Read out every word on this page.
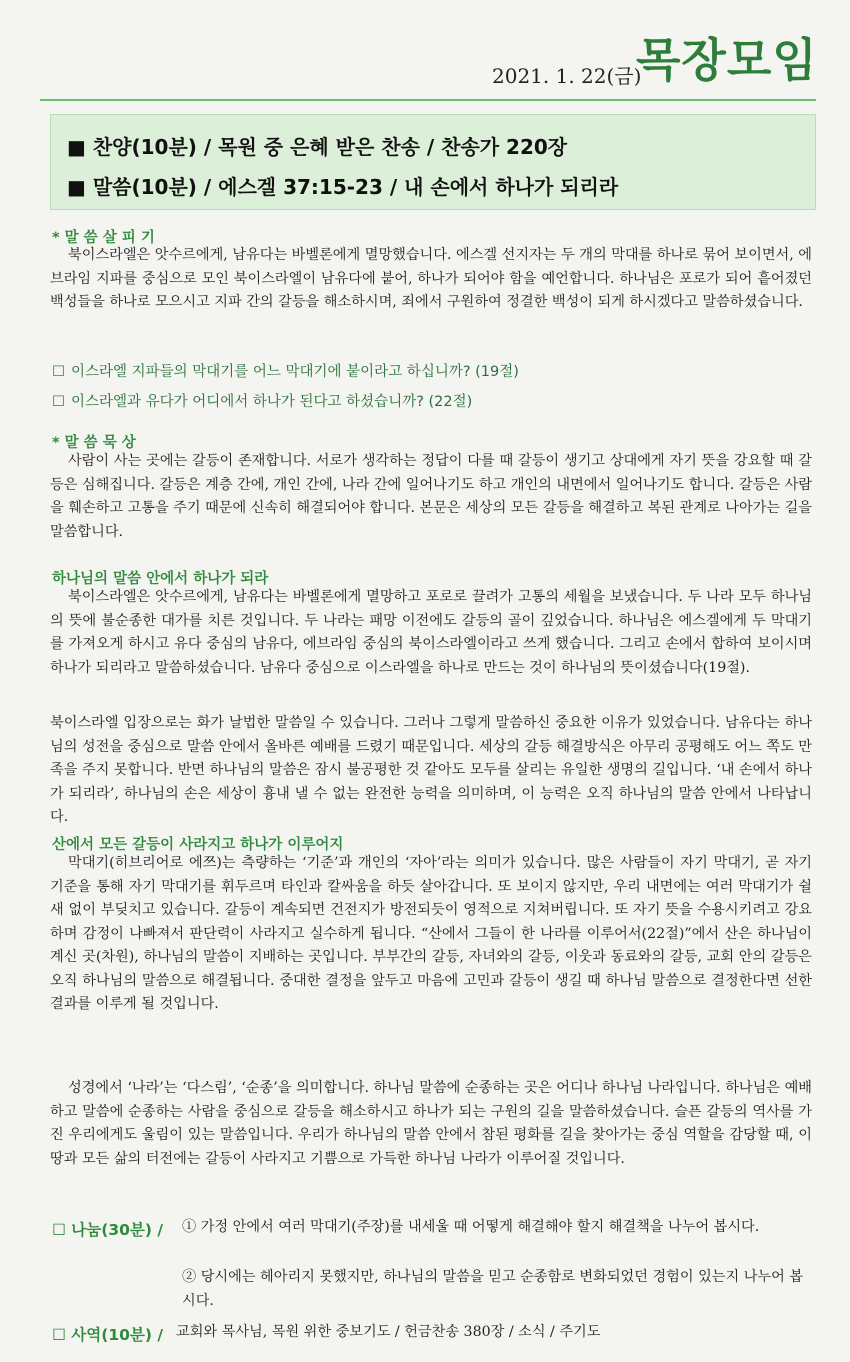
2021. 1. 22(금)
목장모임
■ 찬양(10분) / 목원 중 은혜 받은 찬송 / 찬송가 220장
■ 말씀(10분) / 에스겔 37:15-23 / 내 손에서 하나가 되리라
* 말 씀 살 피 기
북이스라엘은 앗수르에게, 남유다는 바벨론에게 멸망했습니다. 에스겔 선지자는 두 개의 막대를 하나로 묶어 보이면서, 에브라임 지파를 중심으로 모인 북이스라엘이 남유다에 붙어, 하나가 되어야 함을 예언합니다. 하나님은 포로가 되어 흩어졌던 백성들을 하나로 모으시고 지파 간의 갈등을 해소하시며, 죄에서 구원하여 정결한 백성이 되게 하시겠다고 말씀하셨습니다.
☐ 이스라엘 지파들의 막대기를 어느 막대기에 붙이라고 하십니까? (19절)
☐ 이스라엘과 유다가 어디에서 하나가 된다고 하셨습니까? (22절)
* 말 씀 묵 상
사람이 사는 곳에는 갈등이 존재합니다. 서로가 생각하는 정답이 다를 때 갈등이 생기고 상대에게 자기 뜻을 강요할 때 갈등은 심해집니다. 갈등은 계층 간에, 개인 간에, 나라 간에 일어나기도 하고 개인의 내면에서 일어나기도 합니다. 갈등은 사람을 훼손하고 고통을 주기 때문에 신속히 해결되어야 합니다. 본문은 세상의 모든 갈등을 해결하고 복된 관계로 나아가는 길을 말씀합니다.
하나님의 말씀 안에서 하나가 되라
북이스라엘은 앗수르에게, 남유다는 바벨론에게 멸망하고 포로로 끌려가 고통의 세월을 보냈습니다. 두 나라 모두 하나님의 뜻에 불순종한 대가를 치른 것입니다. 두 나라는 패망 이전에도 갈등의 골이 깊었습니다. 하나님은 에스겔에게 두 막대기를 가져오게 하시고 유다 중심의 남유다, 에브라임 중심의 북이스라엘이라고 쓰게 했습니다. 그리고 손에서 합하여 보이시며 하나가 되리라고 말씀하셨습니다. 남유다 중심으로 이스라엘을 하나로 만드는 것이 하나님의 뜻이셨습니다(19절).
북이스라엘 입장으로는 화가 날법한 말씀일 수 있습니다. 그러나 그렇게 말씀하신 중요한 이유가 있었습니다. 남유다는 하나님의 성전을 중심으로 말씀 안에서 올바른 예배를 드렸기 때문입니다. 세상의 갈등 해결방식은 아무리 공평해도 어느 쪽도 만족을 주지 못합니다. 반면 하나님의 말씀은 잠시 불공평한 것 같아도 모두를 살리는 유일한 생명의 길입니다. ‘내 손에서 하나가 되리라’, 하나님의 손은 세상이 흉내 낼 수 없는 완전한 능력을 의미하며, 이 능력은 오직 하나님의 말씀 안에서 나타납니다.
산에서 모든 갈등이 사라지고 하나가 이루어지
막대기(히브리어로 에쯔)는 측량하는 ‘기준’과 개인의 ‘자아’라는 의미가 있습니다. 많은 사람들이 자기 막대기, 곧 자기 기준을 통해 자기 막대기를 휘두르며 타인과 칼싸움을 하듯 살아갑니다. 또 보이지 않지만, 우리 내면에는 여러 막대기가 쉴 새 없이 부딪치고 있습니다. 갈등이 계속되면 건전지가 방전되듯이 영적으로 지쳐버립니다. 또 자기 뜻을 수용시키려고 강요하며 감정이 나빠져서 판단력이 사라지고 실수하게 됩니다. “산에서 그들이 한 나라를 이루어서(22절)”에서 산은 하나님이 계신 곳(차원), 하나님의 말씀이 지배하는 곳입니다. 부부간의 갈등, 자녀와의 갈등, 이웃과 동료와의 갈등, 교회 안의 갈등은 오직 하나님의 말씀으로 해결됩니다. 중대한 결정을 앞두고 마음에 고민과 갈등이 생길 때 하나님 말씀으로 결정한다면 선한 결과를 이루게 될 것입니다.
성경에서 ‘나라’는 ‘다스림’, ‘순종’을 의미합니다. 하나님 말씀에 순종하는 곳은 어디나 하나님 나라입니다. 하나님은 예배하고 말씀에 순종하는 사람을 중심으로 갈등을 해소하시고 하나가 되는 구원의 길을 말씀하셨습니다. 슬픈 갈등의 역사를 가진 우리에게도 울림이 있는 말씀입니다. 우리가 하나님의 말씀 안에서 참된 평화를 길을 찾아가는 중심 역할을 감당할 때, 이 땅과 모든 삶의 터전에는 갈등이 사라지고 기쁨으로 가득한 하나님 나라가 이루어질 것입니다.
☐ 나눔(30분) / ① 가정 안에서 여러 막대기(주장)를 내세울 때 어떻게 해결해야 할지 해결책을 나누어 봅시다.
② 당시에는 헤아리지 못했지만, 하나님의 말씀을 믿고 순종함로 변화되었던 경험이 있는지 나누어 봅시다.
☐ 사역(10분) / 교회와 목사님, 목원 위한 중보기도 / 헌금찬송 380장 / 소식 / 주기도
